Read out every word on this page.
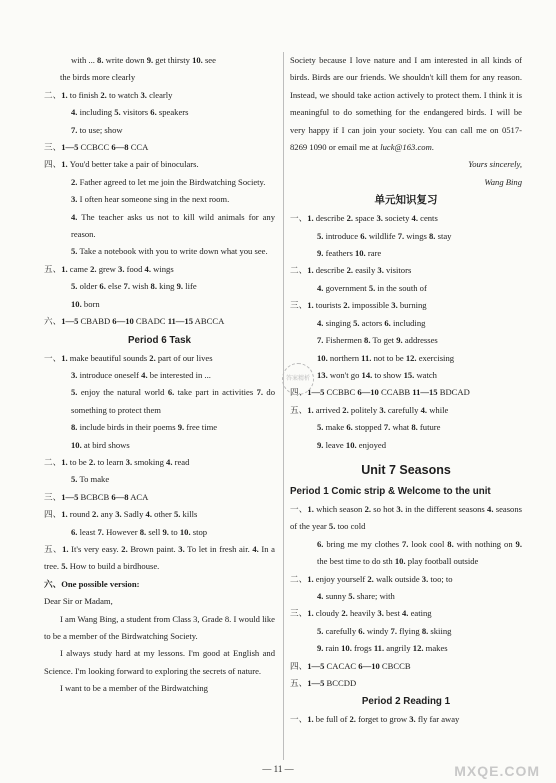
with ... 8. write down 9. get thirsty 10. see
the birds more clearly
二、1. to finish 2. to watch 3. clearly
4. including 5. visitors 6. speakers
7. to use; show
三、1—5 CCBCC 6—8 CCA
四、1. You'd better take a pair of binoculars.
2. Father agreed to let me join the Birdwatching Society.
3. I often hear someone sing in the next room.
4. The teacher asks us not to kill wild animals for any reason.
5. Take a notebook with you to write down what you see.
五、1. came 2. grew 3. food 4. wings
5. older 6. else 7. wish 8. king 9. life
10. born
六、1—5 CBABD 6—10 CBADC 11—15 ABCCA
Period 6 Task
一、1. make beautiful sounds 2. part of our lives
3. introduce oneself 4. be interested in ...
5. enjoy the natural world 6. take part in activities 7. do something to protect them
8. include birds in their poems 9. free time
10. at bird shows
二、1. to be 2. to learn 3. smoking 4. read
5. To make
三、1—5 BCBCB 6—8 ACA
四、1. round 2. any 3. Sadly 4. other 5. kills
6. least 7. However 8. sell 9. to 10. stop
五、1. It's very easy. 2. Brown paint. 3. To let in fresh air. 4. In a tree. 5. How to build a birdhouse.
六、One possible version:
Dear Sir or Madam,
I am Wang Bing, a student from Class 3, Grade 8. I would like to be a member of the Birdwatching Society.
I always study hard at my lessons. I'm good at English and Science. I'm looking forward to exploring the secrets of nature.
I want to be a member of the Birdwatching
Society because I love nature and I am interested in all kinds of birds. Birds are our friends. We shouldn't kill them for any reason. Instead, we should take action actively to protect them. I think it is meaningful to do something for the endangered birds. I will be very happy if I can join your society. You can call me on 0517-8269 1090 or email me at luck@163.com.
Yours sincerely,
Wang Bing
单元知识复习
一、1. describe 2. space 3. society 4. cents
5. introduce 6. wildlife 7. wings 8. stay
9. feathers 10. rare
二、1. describe 2. easily 3. visitors
4. government 5. in the south of
三、1. tourists 2. impossible 3. burning
4. singing 5. actors 6. including
7. Fishermen 8. To get 9. addresses
10. northern 11. not to be 12. exercising
13. won't go 14. to show 15. watch
四、1—5 CCBBC 6—10 CCABB 11—15 BDCAD
五、1. arrived 2. politely 3. carefully 4. while
5. make 6. stopped 7. what 8. future
9. leave 10. enjoyed
Unit 7 Seasons
Period 1 Comic strip & Welcome to the unit
一、1. which season 2. so hot 3. in the different seasons 4. seasons of the year 5. too cold
6. bring me my clothes 7. look cool 8. with nothing on 9. the best time to do sth 10. play football outside
二、1. enjoy yourself 2. walk outside 3. too; to
4. sunny 5. share; with
三、1. cloudy 2. heavily 3. best 4. eating
5. carefully 6. windy 7. flying 8. skiing
9. rain 10. frogs 11. angrily 12. makes
四、1—5 CACAC 6—10 CBCCB
五、1—5 BCCDD
Period 2 Reading 1
一、1. be full of 2. forget to grow 3. fly far away
答案精析
— 11 —	MXQE.COM
